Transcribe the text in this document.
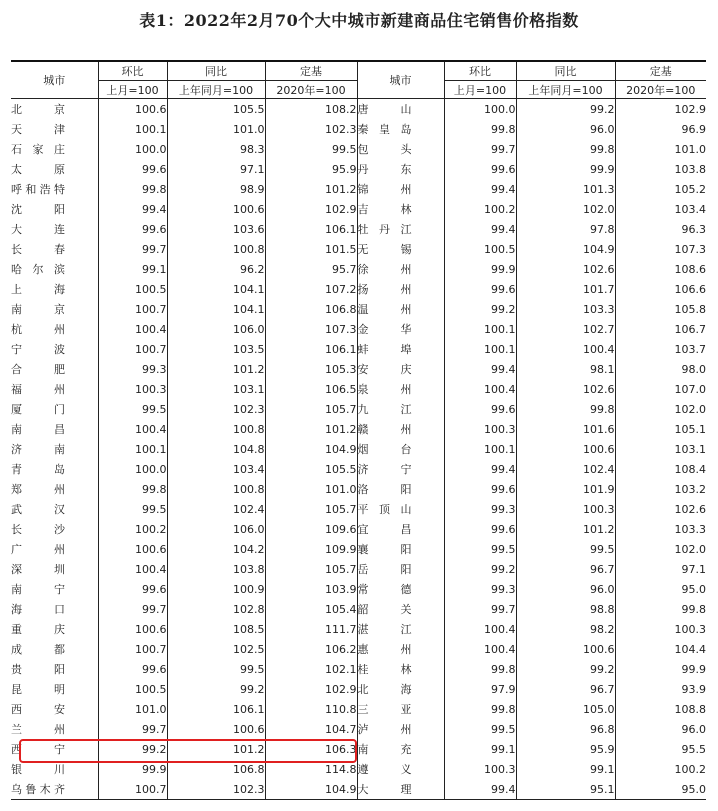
表1：2022年2月70个大中城市新建商品住宅销售价格指数
城市	环比	同比	定基	城市	环比	同比	定基
	上月=100	上年同月=100	2020年=100		上月=100	上年同月=100	2020年=100

北京	100.6	105.5	108.2	唐山	100.0	99.2	102.9

天津	100.1	101.0	102.3	秦皇岛	99.8	96.0	96.9

石家庄	100.0	98.3	99.5	包头	99.7	99.8	101.0

太原	99.6	97.1	95.9	丹东	99.6	99.9	103.8

呼和浩特	99.8	98.9	101.2	锦州	99.4	101.3	105.2

沈阳	99.4	100.6	102.9	吉林	100.2	102.0	103.4

大连	99.6	103.6	106.1	牡丹江	99.4	97.8	96.3

长春	99.7	100.8	101.5	无锡	100.5	104.9	107.3

哈尔滨	99.1	96.2	95.7	徐州	99.9	102.6	108.6

上海	100.5	104.1	107.2	扬州	99.6	101.7	106.6

南京	100.7	104.1	106.8	温州	99.2	103.3	105.8

杭州	100.4	106.0	107.3	金华	100.1	102.7	106.7

宁波	100.7	103.5	106.1	蚌埠	100.1	100.4	103.7

合肥	99.3	101.2	105.3	安庆	99.4	98.1	98.0

福州	100.3	103.1	106.5	泉州	100.4	102.6	107.0

厦门	99.5	102.3	105.7	九江	99.6	99.8	102.0

南昌	100.4	100.8	101.2	赣州	100.3	101.6	105.1

济南	100.1	104.8	104.9	烟台	100.1	100.6	103.1

青岛	100.0	103.4	105.5	济宁	99.4	102.4	108.4

郑州	99.8	100.8	101.0	洛阳	99.6	101.9	103.2

武汉	99.5	102.4	105.7	平顶山	99.3	100.3	102.6

长沙	100.2	106.0	109.6	宜昌	99.6	101.2	103.3

广州	100.6	104.2	109.9	襄阳	99.5	99.5	102.0

深圳	100.4	103.8	105.7	岳阳	99.2	96.7	97.1

南宁	99.6	100.9	103.9	常德	99.3	96.0	95.0

海口	99.7	102.8	105.4	韶关	99.7	98.8	99.8

重庆	100.6	108.5	111.7	湛江	100.4	98.2	100.3

成都	100.7	102.5	106.2	惠州	100.4	100.6	104.4

贵阳	99.6	99.5	102.1	桂林	99.8	99.2	99.9

昆明	100.5	99.2	102.9	北海	97.9	96.7	93.9

西安	101.0	106.1	110.8	三亚	99.8	105.0	108.8

兰州	99.7	100.6	104.7	泸州	99.5	96.8	96.0

西宁	99.2	101.2	106.3	南充	99.1	95.9	95.5

银川	99.9	106.8	114.8	遵义	100.3	99.1	100.2

乌鲁木齐	100.7	102.3	104.9	大理	99.4	95.1	95.0
